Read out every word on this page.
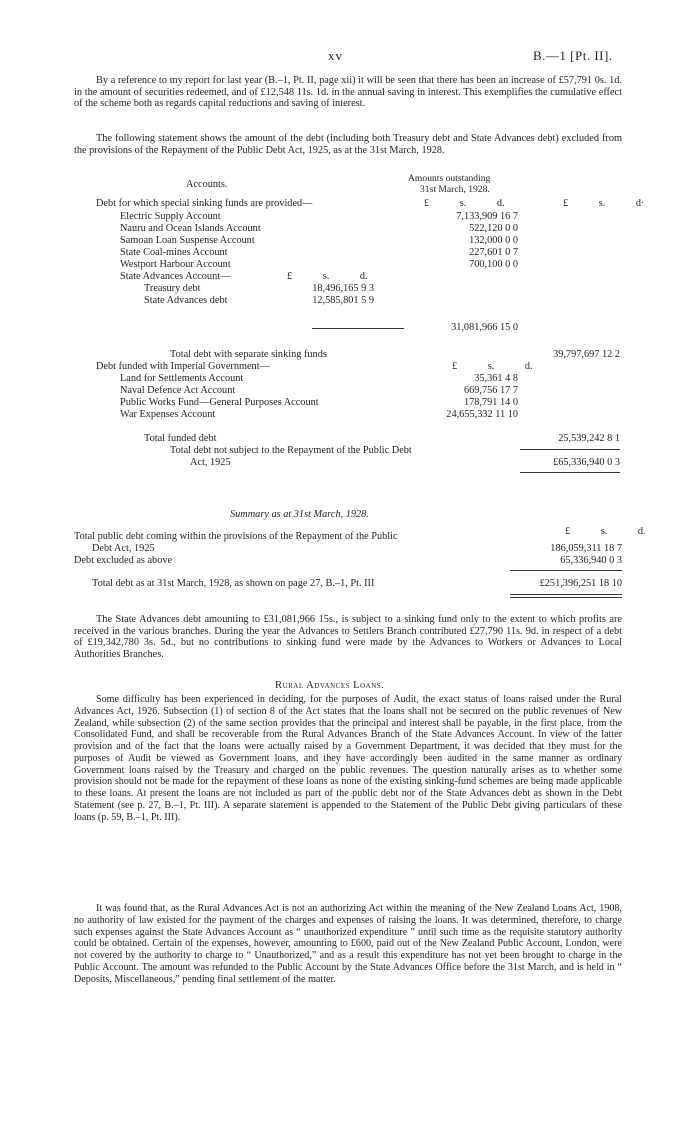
xv	B.—1 [Pt. II].

By a reference to my report for last year (B.–1, Pt. II, page xii) it will be seen that there has been an increase of £57,791 0s. 1d. in the amount of securities redeemed, and of £12,548 11s. 1d. in the annual saving in interest. This exemplifies the cumulative effect of the scheme both as regards capital reductions and saving of interest.

The following statement shows the amount of the debt (including both Treasury debt and State Advances debt) excluded from the provisions of the Repayment of the Public Debt Act, 1925, as at the 31st March, 1928.

Accounts.
Amounts outstanding
31st March, 1928.
Debt for which special sinking funds are provided—	£ s. d.	£ s. d·
Electric Supply Account	7,133,909 16 7
Nauru and Ocean Islands Account	522,120 0 0
Samoan Loan Suspense Account	132,000 0 0
State Coal-mines Account	227,601 0 7
Westport Harbour Account	700,100 0 0
State Advances Account—	£ s. d.
Treasury debt	18,496,165 9 3
State Advances debt	12,585,801 5 9
31,081,966 15 0
Total debt with separate sinking funds	39,797,697 12 2
Debt funded with Imperial Government—	£ s. d.
Land for Settlements Account	35,361 4 8
Naval Defence Act Account	669,756 17 7
Public Works Fund—General Purposes Account	178,791 14 0
War Expenses Account	24,655,332 11 10
Total funded debt	25,539,242 8 1
Total debt not subject to the Repayment of the Public Debt
Act, 1925	£65,336,940 0 3
Summary as at 31st March, 1928.
£ s. d.
Total public debt coming within the provisions of the Repayment of the Public
Debt Act, 1925	186,059,311 18 7
Debt excluded as above	65,336,940 0 3
Total debt as at 31st March, 1928, as shown on page 27, B.–1, Pt. III	£251,396,251 18 10

The State Advances debt amounting to £31,081,966 15s., is subject to a sinking fund only to the extent to which profits are received in the various branches. During the year the Advances to Settlers Branch contributed £27,790 11s. 9d. in respect of a debt of £19,342,780 3s. 5d., but no contributions to sinking fund were made by the Advances to Workers or Advances to Local Authorities Branches.

Rural Advances Loans.

Some difficulty has been experienced in deciding, for the purposes of Audit, the exact status of loans raised under the Rural Advances Act, 1926. Subsection (1) of section 8 of the Act states that the loans shall not be secured on the public revenues of New Zealand, while subsection (2) of the same section provides that the principal and interest shall be payable, in the first place, from the Consolidated Fund, and shall be recoverable from the Rural Advances Branch of the State Advances Account. In view of the latter provision and of the fact that the loans were actually raised by a Government Department, it was decided that they must for the purposes of Audit be viewed as Government loans, and they have accordingly been audited in the same manner as ordinary Government loans raised by the Treasury and charged on the public revenues. The question naturally arises as to whether some provision should not be made for the repayment of these loans as none of the existing sinking-fund schemes are being made applicable to these loans. At present the loans are not included as part of the public debt nor of the State Advances debt as shown in the Debt Statement (see p. 27, B.–1, Pt. III). A separate statement is appended to the Statement of the Public Debt giving particulars of these loans (p. 59, B.–1, Pt. III).

It was found that, as the Rural Advances Act is not an authorizing Act within the meaning of the New Zealand Loans Act, 1908, no authority of law existed for the payment of the charges and expenses of raising the loans. It was determined, therefore, to charge such expenses against the State Advances Account as “ unauthorized expenditure ” until such time as the requisite statutory authority could be obtained. Certain of the expenses, however, amounting to £600, paid out of the New Zealand Public Account, London, were not covered by the authority to charge to “ Unauthorized,” and as a result this expenditure has not yet been brought to charge in the Public Account. The amount was refunded to the Public Account by the State Advances Office before the 31st March, and is held in “ Deposits, Miscellaneous,” pending final settlement of the matter.
